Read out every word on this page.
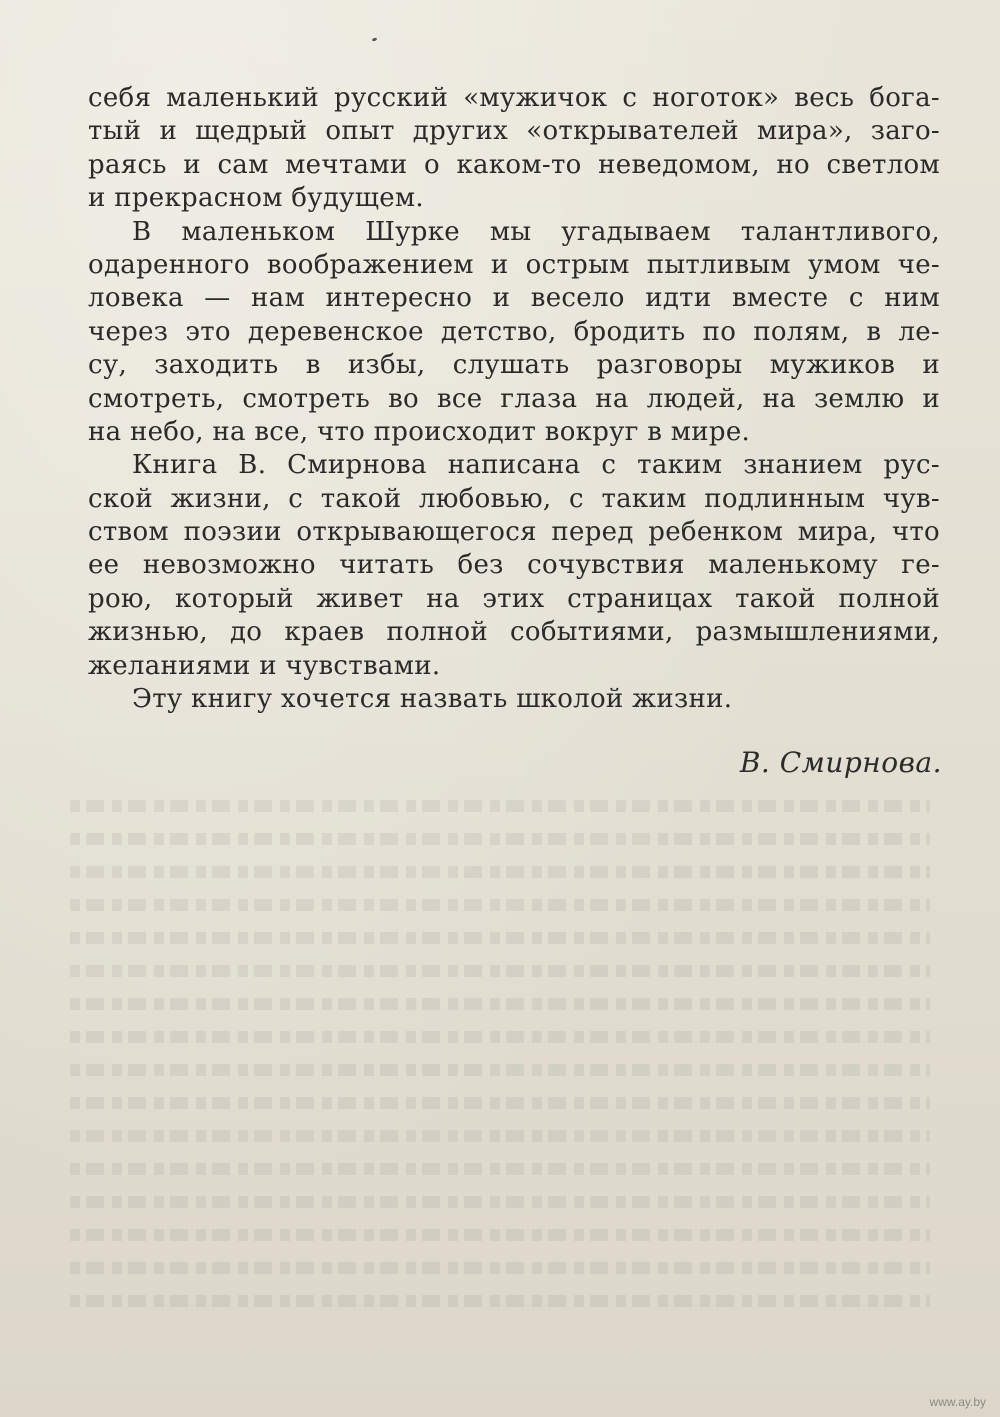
себя маленький русский «мужичок с ноготок» весь бога-
тый и щедрый опыт других «открывателей мира», заго-
раясь и сам мечтами о каком-то неведомом, но светлом
и прекрасном будущем.
В маленьком Шурке мы угадываем талантливого,
одаренного воображением и острым пытливым умом че-
ловека — нам интересно и весело идти вместе с ним
через это деревенское детство, бродить по полям, в ле-
су, заходить в избы, слушать разговоры мужиков и
смотреть, смотреть во все глаза на людей, на землю и
на небо, на все, что происходит вокруг в мире.
Книга В. Смирнова написана с таким знанием рус-
ской жизни, с такой любовью, с таким подлинным чув-
ством поэзии открывающегося перед ребенком мира, что
ее невозможно читать без сочувствия маленькому ге-
рою, который живет на этих страницах такой полной
жизнью, до краев полной событиями, размышлениями,
желаниями и чувствами.
Эту книгу хочется назвать школой жизни.
В. Смирнова.
www.ay.by
